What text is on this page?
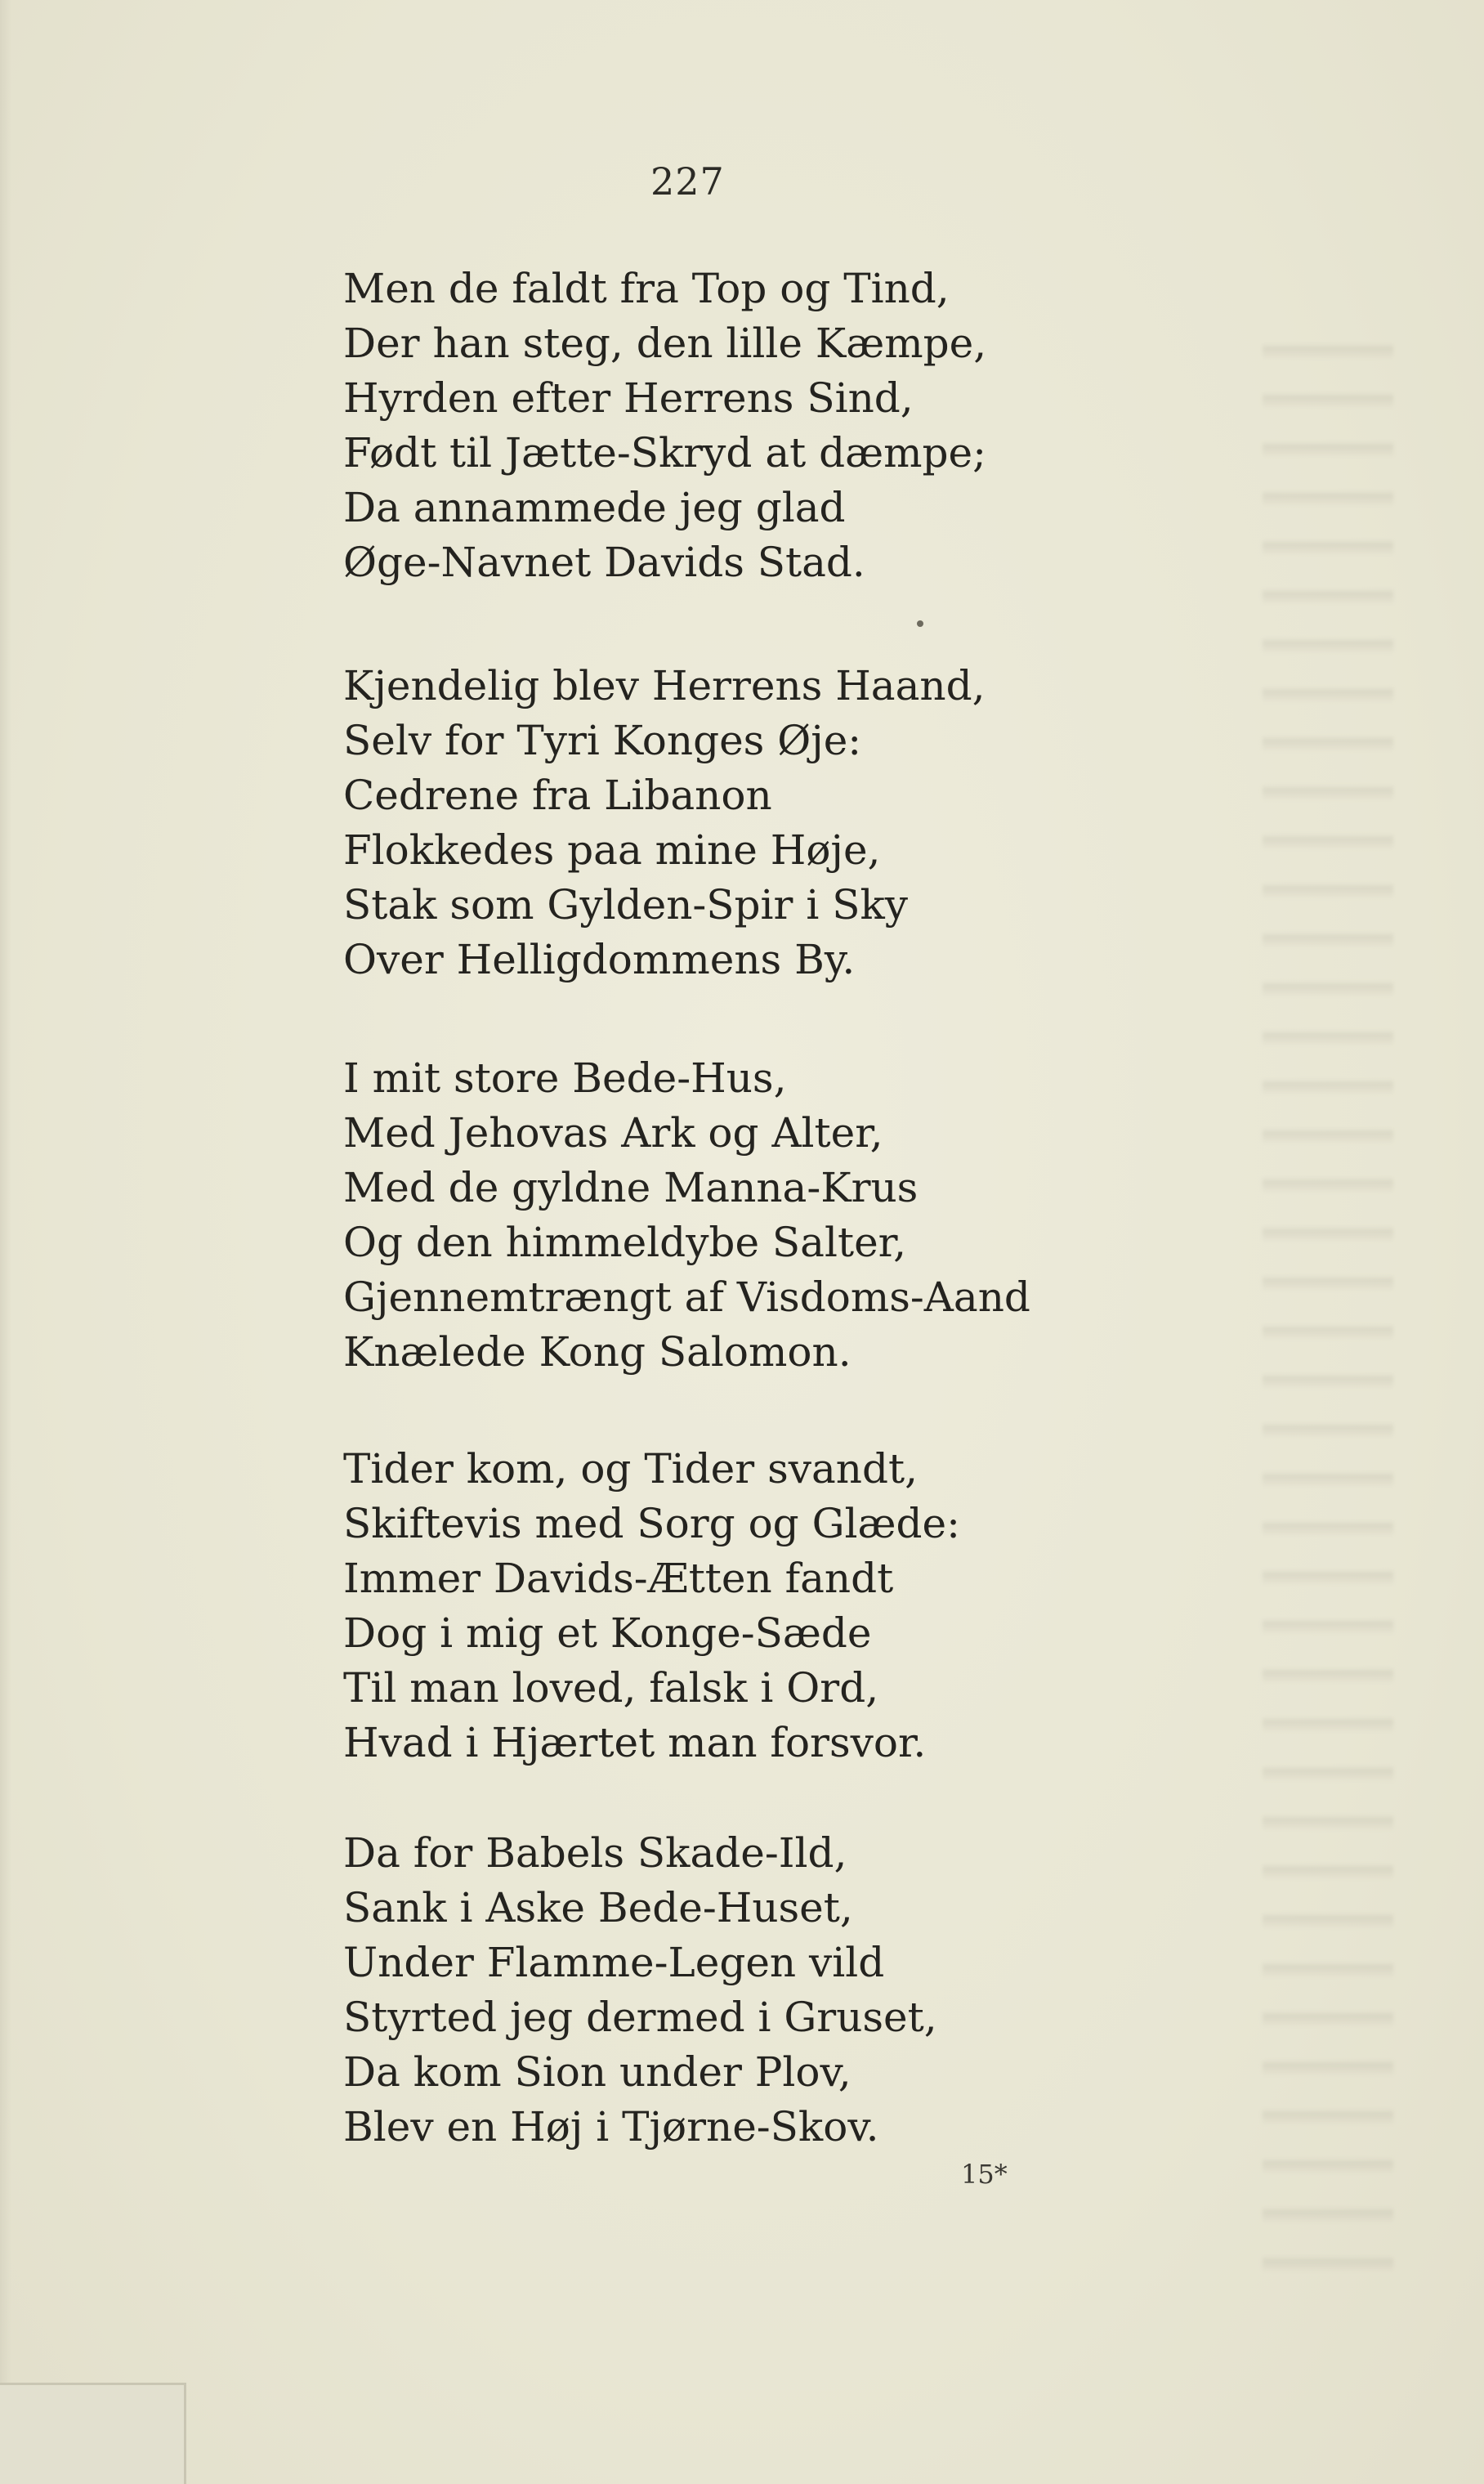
227
Men de faldt fra Top og Tind,
Der han steg, den lille Kæmpe,
Hyrden efter Herrens Sind,
Født til Jætte-Skryd at dæmpe;
Da annammede jeg glad
Øge-Navnet Davids Stad.
Kjendelig blev Herrens Haand,
Selv for Tyri Konges Øje:
Cedrene fra Libanon
Flokkedes paa mine Høje,
Stak som Gylden-Spir i Sky
Over Helligdommens By.
I mit store Bede-Hus,
Med Jehovas Ark og Alter,
Med de gyldne Manna-Krus
Og den himmeldybe Salter,
Gjennemtrængt af Visdoms-Aand
Knælede Kong Salomon.
Tider kom, og Tider svandt,
Skiftevis med Sorg og Glæde:
Immer Davids-Ætten fandt
Dog i mig et Konge-Sæde
Til man loved, falsk i Ord,
Hvad i Hjærtet man forsvor.
Da for Babels Skade-Ild,
Sank i Aske Bede-Huset,
Under Flamme-Legen vild
Styrted jeg dermed i Gruset,
Da kom Sion under Plov,
Blev en Høj i Tjørne-Skov.
15*
